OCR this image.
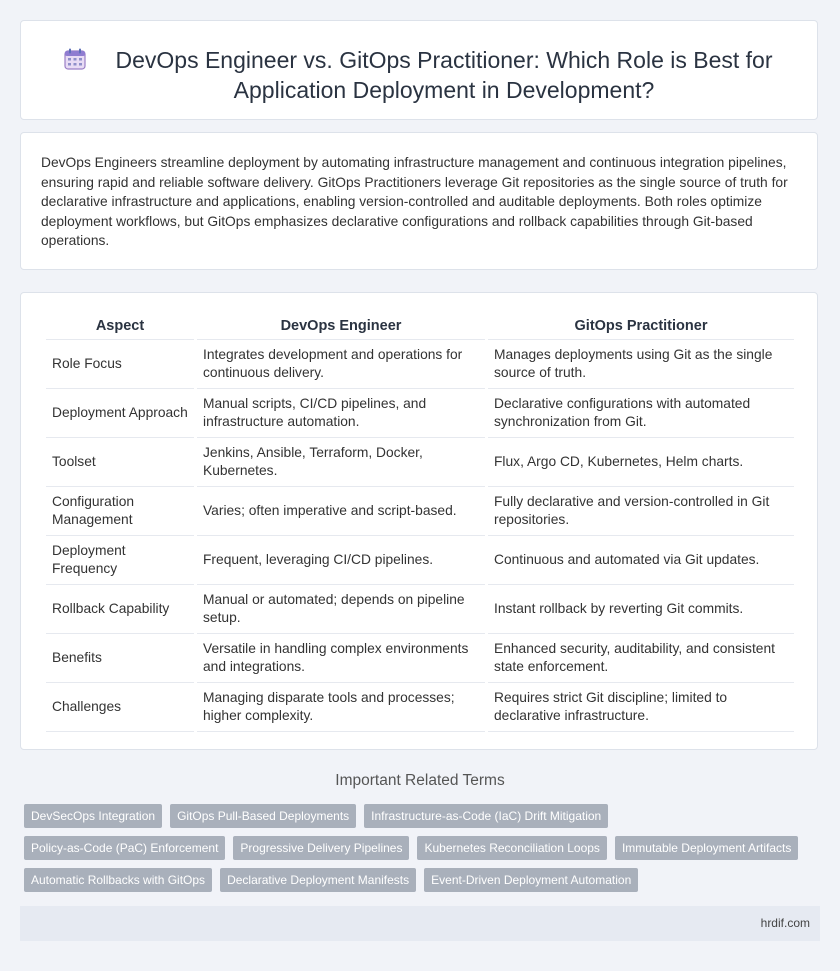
DevOps Engineer vs. GitOps Practitioner: Which Role is Best for Application Deployment in Development?
DevOps Engineers streamline deployment by automating infrastructure management and continuous integration pipelines, ensuring rapid and reliable software delivery. GitOps Practitioners leverage Git repositories as the single source of truth for declarative infrastructure and applications, enabling version-controlled and auditable deployments. Both roles optimize deployment workflows, but GitOps emphasizes declarative configurations and rollback capabilities through Git-based operations.
Aspect	DevOps Engineer	GitOps Practitioner
Role Focus	Integrates development and operations for continuous delivery.	Manages deployments using Git as the single source of truth.
Deployment Approach	Manual scripts, CI/CD pipelines, and infrastructure automation.	Declarative configurations with automated synchronization from Git.
Toolset	Jenkins, Ansible, Terraform, Docker, Kubernetes.	Flux, Argo CD, Kubernetes, Helm charts.
Configuration Management	Varies; often imperative and script-based.	Fully declarative and version-controlled in Git repositories.
Deployment Frequency	Frequent, leveraging CI/CD pipelines.	Continuous and automated via Git updates.
Rollback Capability	Manual or automated; depends on pipeline setup.	Instant rollback by reverting Git commits.
Benefits	Versatile in handling complex environments and integrations.	Enhanced security, auditability, and consistent state enforcement.
Challenges	Managing disparate tools and processes; higher complexity.	Requires strict Git discipline; limited to declarative infrastructure.
Important Related Terms
DevSecOps Integration GitOps Pull-Based Deployments Infrastructure-as-Code (IaC) Drift MitigationPolicy-as-Code (PaC) Enforcement Progressive Delivery Pipelines Kubernetes Reconciliation Loops Immutable Deployment ArtifactsAutomatic Rollbacks with GitOps Declarative Deployment Manifests Event-Driven Deployment Automation
hrdif.com
